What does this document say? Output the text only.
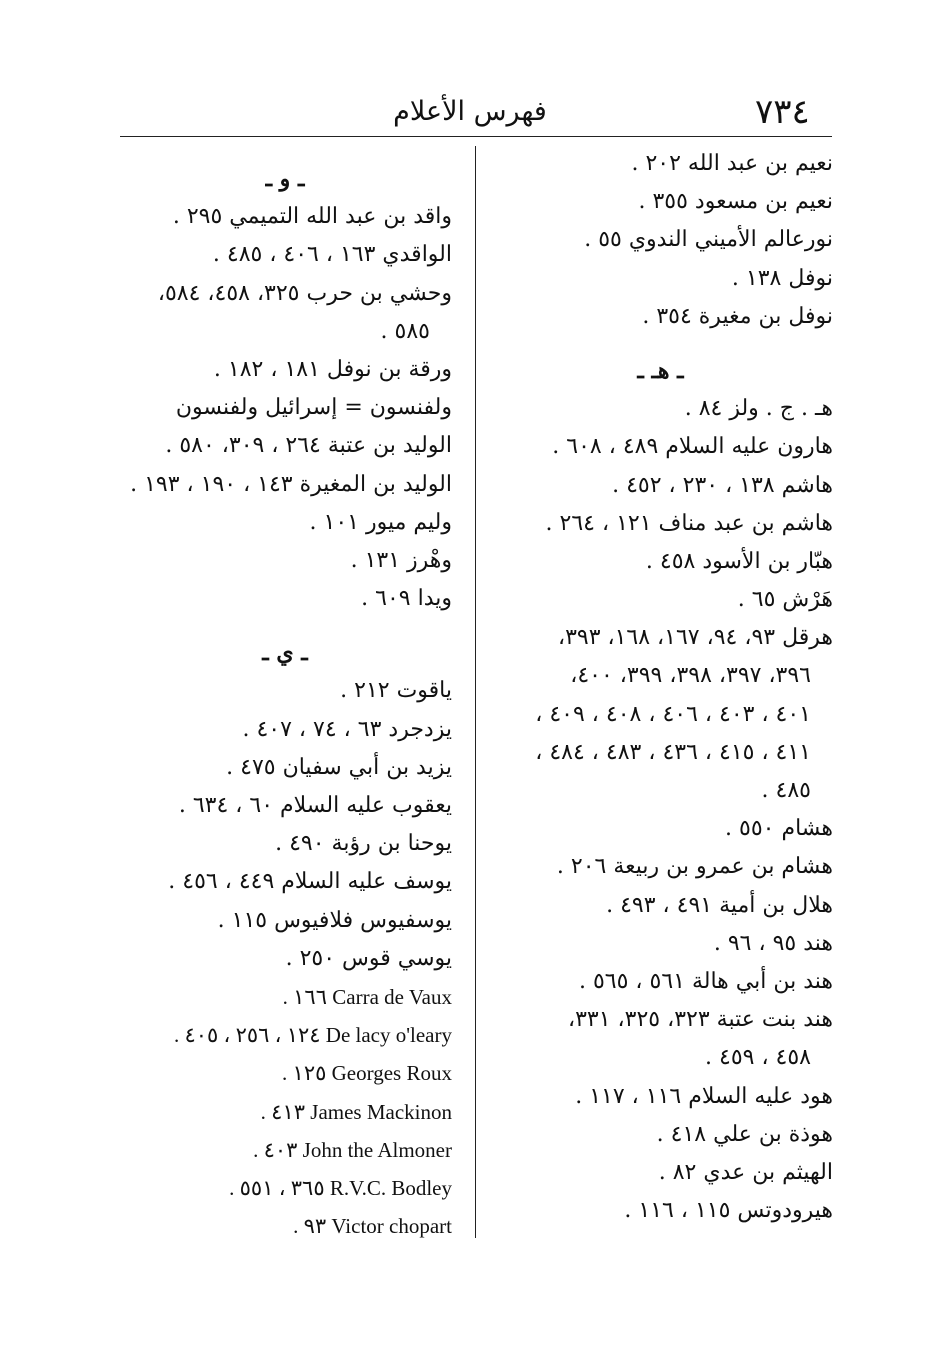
٧٣٤
فهرس الأعلام
نعيم بن عبد الله ٢٠٢ .
نعيم بن مسعود ٣٥٥ .
نورعالم الأميني الندوي ٥٥ .
نوفل ١٣٨ .
نوفل بن مغيرة ٣٥٤ .
ـ هـ ـ
هـ . ج . ولز ٨٤ .
هارون عليه السلام ٤٨٩ ، ٦٠٨ .
هاشم ١٣٨ ، ٢٣٠ ، ٤٥٢ .
هاشم بن عبد مناف ١٢١ ، ٢٦٤ .
هبّار بن الأسود ٤٥٨ .
هَرْش ٦٥ .
هرقل ٩٣، ٩٤، ١٦٧، ١٦٨، ٣٩٣،
٣٩٦، ٣٩٧، ٣٩٨، ٣٩٩، ٤٠٠،
٤٠١ ، ٤٠٣ ، ٤٠٦ ، ٤٠٨ ، ٤٠٩ ،
٤١١ ، ٤١٥ ، ٤٣٦ ، ٤٨٣ ، ٤٨٤ ،
٤٨٥ .
هشام ٥٥٠ .
هشام بن عمرو بن ربيعة ٢٠٦ .
هلال بن أمية ٤٩١ ، ٤٩٣ .
هند ٩٥ ، ٩٦ .
هند بن أبي هالة ٥٦١ ، ٥٦٥ .
هند بنت عتبة ٣٢٣، ٣٢٥، ٣٣١،
٤٥٨ ، ٤٥٩ .
هود عليه السلام ١١٦ ، ١١٧ .
هوذة بن علي ٤١٨ .
الهيثم بن عدي ٨٢ .
هيرودوتس ١١٥ ، ١١٦ .
ـ و ـ
واقد بن عبد الله التميمي ٢٩٥ .
الواقدي ١٦٣ ، ٤٠٦ ، ٤٨٥ .
وحشي بن حرب ٣٢٥، ٤٥٨، ٥٨٤،
٥٨٥ .
ورقة بن نوفل ١٨١ ، ١٨٢ .
ولفنسون = إسرائيل ولفنسون
الوليد بن عتبة ٢٦٤ ، ٣٠٩، ٥٨٠ .
الوليد بن المغيرة ١٤٣ ، ١٩٠ ، ١٩٣ .
وليم ميور ١٠١ .
وهْرز ١٣١ .
ويدا ٦٠٩ .
ـ ي ـ
ياقوت ٢١٢ .
يزدجرد ٦٣ ، ٧٤ ، ٤٠٧ .
يزيد بن أبي سفيان ٤٧٥ .
يعقوب عليه السلام ٦٠ ، ٦٣٤ .
يوحنا بن رؤبة ٤٩٠ .
يوسف عليه السلام ٤٤٩ ، ٤٥٦ .
يوسفيوس فلافيوس ١١٥ .
يوسي قوس ٢٥٠ .
Carra de Vaux ١٦٦ .
De lacy o'leary ١٢٤ ، ٢٥٦ ، ٤٠٥ .
Georges Roux ١٢٥ .
James Mackinon ٤١٣ .
John the Almoner ٤٠٣ .
R.V.C. Bodley ٣٦٥ ، ٥٥١ .
Victor chopart ٩٣ .
